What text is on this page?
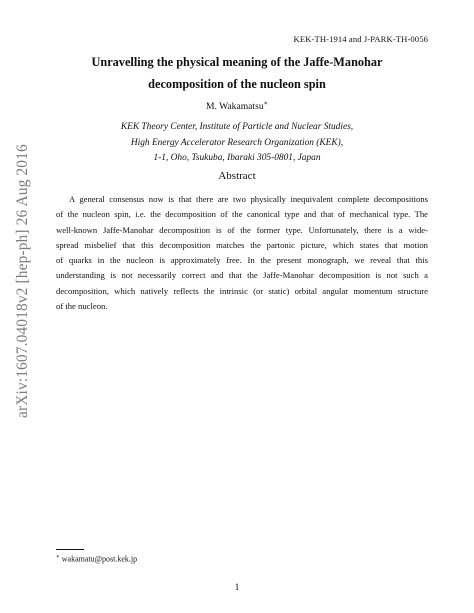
KEK-TH-1914 and J-PARK-TH-0056
arXiv:1607.04018v2 [hep-ph] 26 Aug 2016
Unravelling the physical meaning of the Jaffe-Manohar
decomposition of the nucleon spin
M. Wakamatsu∗
KEK Theory Center, Institute of Particle and Nuclear Studies,
High Energy Accelerator Research Organization (KEK),
1-1, Oho, Tsukuba, Ibaraki 305-0801, Japan
Abstract
A general consensus now is that there are two physically inequivalent complete decompositions
of the nucleon spin, i.e. the decomposition of the canonical type and that of mechanical type. The
well-known Jaffe-Manohar decomposition is of the former type. Unfortunately, there is a wide-
spread misbelief that this decomposition matches the partonic picture, which states that motion
of quarks in the nucleon is approximately free. In the present monograph, we reveal that this
understanding is not necessarily correct and that the Jaffe-Manohar decomposition is not such a
decomposition, which natively reflects the intrinsic (or static) orbital angular momentum structure
of the nucleon.
∗ wakamatu@post.kek.jp
1
